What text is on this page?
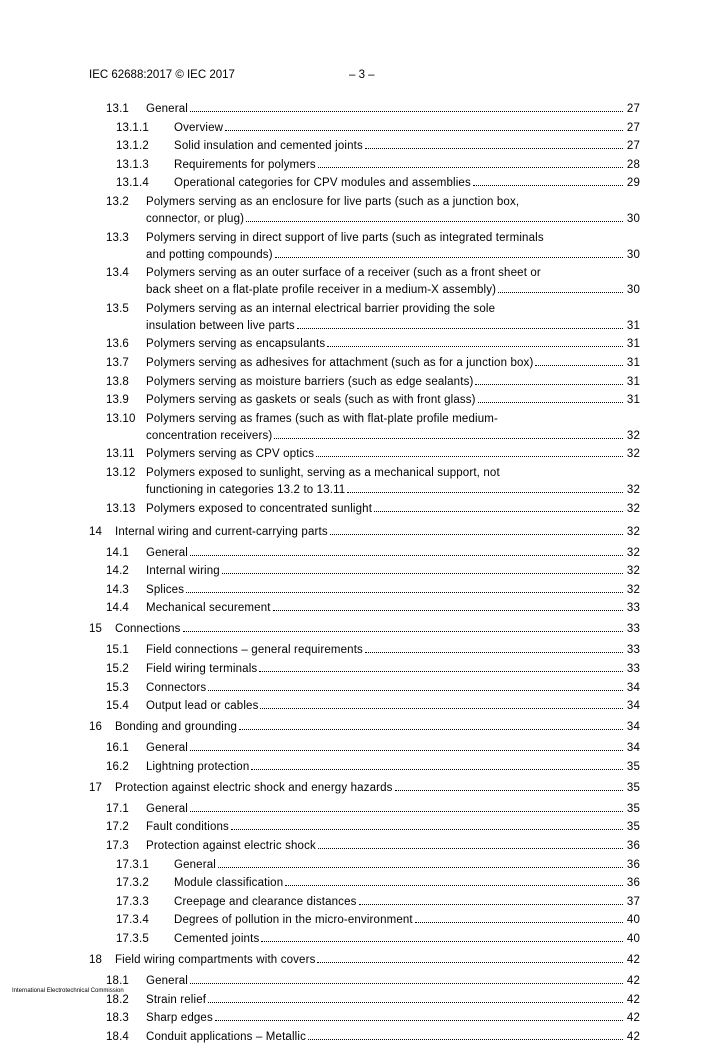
IEC 62688:2017 © IEC 2017	– 3 –
13.1 General	27
13.1.1 Overview	27
13.1.2 Solid insulation and cemented joints	27
13.1.3 Requirements for polymers	28
13.1.4 Operational categories for CPV modules and assemblies	29
13.2 Polymers serving as an enclosure for live parts (such as a junction box,
connector, or plug)	30
13.3 Polymers serving in direct support of live parts (such as integrated terminals
and potting compounds)	30
13.4 Polymers serving as an outer surface of a receiver (such as a front sheet or
back sheet on a flat-plate profile receiver in a medium-X assembly)	30
13.5 Polymers serving as an internal electrical barrier providing the sole
insulation between live parts	31
13.6 Polymers serving as encapsulants	31
13.7 Polymers serving as adhesives for attachment (such as for a junction box)	31
13.8 Polymers serving as moisture barriers (such as edge sealants)	31
13.9 Polymers serving as gaskets or seals (such as with front glass)	31
13.10 Polymers serving as frames (such as with flat-plate profile medium-
concentration receivers)	32
13.11 Polymers serving as CPV optics	32
13.12 Polymers exposed to sunlight, serving as a mechanical support, not
functioning in categories 13.2 to 13.11	32
13.13 Polymers exposed to concentrated sunlight	32
14 Internal wiring and current-carrying parts	32
14.1 General	32
14.2 Internal wiring	32
14.3 Splices	32
14.4 Mechanical securement	33
15 Connections	33
15.1 Field connections – general requirements	33
15.2 Field wiring terminals	33
15.3 Connectors	34
15.4 Output lead or cables	34
16 Bonding and grounding	34
16.1 General	34
16.2 Lightning protection	35
17 Protection against electric shock and energy hazards	35
17.1 General	35
17.2 Fault conditions	35
17.3 Protection against electric shock	36
17.3.1 General	36
17.3.2 Module classification	36
17.3.3 Creepage and clearance distances	37
17.3.4 Degrees of pollution in the micro-environment	40
17.3.5 Cemented joints	40
18 Field wiring compartments with covers	42
18.1 General	42
18.2 Strain relief	42
18.3 Sharp edges	42
18.4 Conduit applications – Metallic	42
International Electrotechnical Commission
